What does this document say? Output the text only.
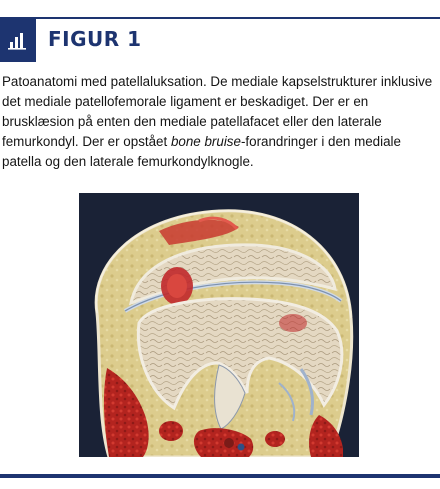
FIGUR 1

Patoanatomi med patellaluksation. De mediale kapselstrukturer inklusive det mediale patellofemorale ligament er beskadiget. Der er en brusklæsion på enten den mediale patellafacet eller den laterale femurkondyl. Der er opstået bone bruise-forandringer i den mediale patella og den laterale femurkondylknogle.
